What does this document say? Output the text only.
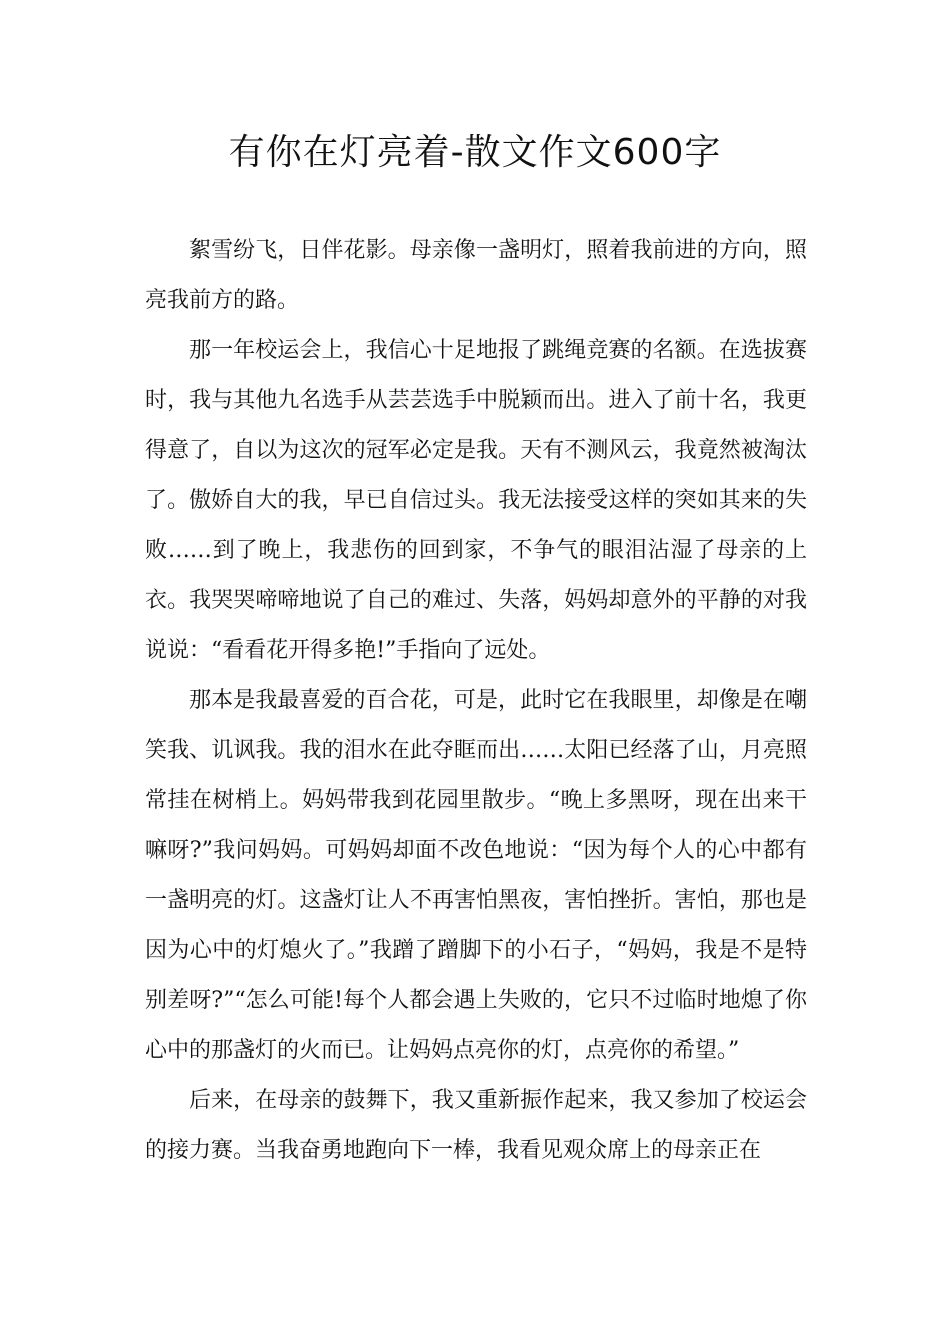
有你在灯亮着-散文作文600字

絮雪纷飞，日伴花影。母亲像一盏明灯，照着我前进的方向，照亮我前方的路。

那一年校运会上，我信心十足地报了跳绳竞赛的名额。在选拔赛时，我与其他九名选手从芸芸选手中脱颖而出。进入了前十名，我更得意了，自以为这次的冠军必定是我。天有不测风云，我竟然被淘汰了。傲娇自大的我，早已自信过头。我无法接受这样的突如其来的失败……到了晚上，我悲伤的回到家，不争气的眼泪沾湿了母亲的上衣。我哭哭啼啼地说了自己的难过、失落，妈妈却意外的平静的对我说说：“看看花开得多艳!”手指向了远处。

那本是我最喜爱的百合花，可是，此时它在我眼里，却像是在嘲笑我、讥讽我。我的泪水在此夺眶而出……太阳已经落了山，月亮照常挂在树梢上。妈妈带我到花园里散步。“晚上多黑呀，现在出来干嘛呀?”我问妈妈。可妈妈却面不改色地说：“因为每个人的心中都有一盏明亮的灯。这盏灯让人不再害怕黑夜，害怕挫折。害怕，那也是因为心中的灯熄火了。”我蹭了蹭脚下的小石子，“妈妈，我是不是特别差呀?”“怎么可能!每个人都会遇上失败的，它只不过临时地熄了你心中的那盏灯的火而已。让妈妈点亮你的灯，点亮你的希望。”

后来，在母亲的鼓舞下，我又重新振作起来，我又参加了校运会的接力赛。当我奋勇地跑向下一棒，我看见观众席上的母亲正在
